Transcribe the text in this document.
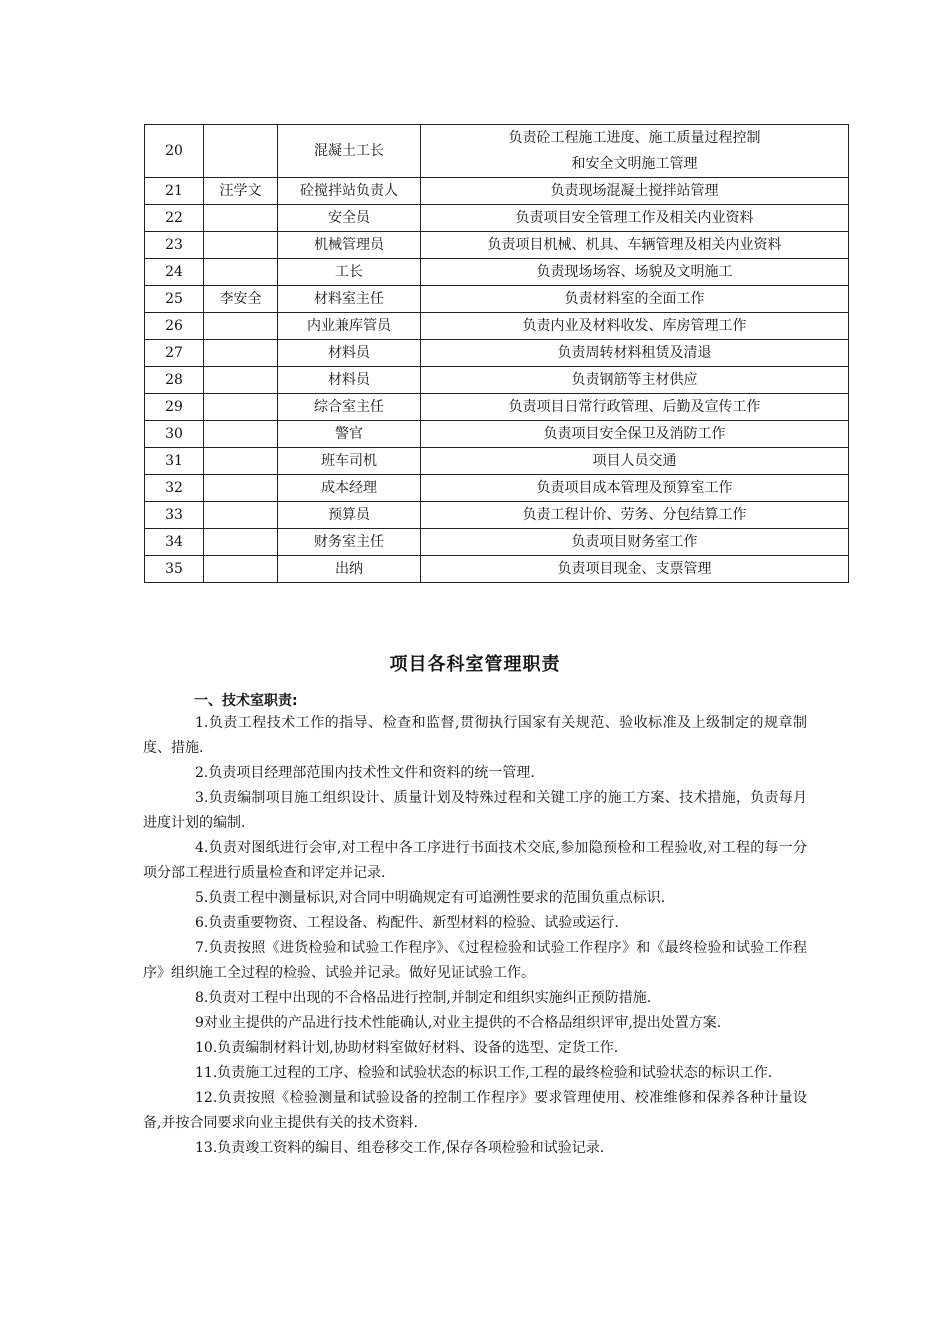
20		混凝土工长	负责砼工程施工进度、施工质量过程控制
和安全文明施工管理

21	汪学文	砼搅拌站负责人	负责现场混凝土搅拌站管理

22		安全员	负责项目安全管理工作及相关内业资料

23		机械管理员	负责项目机械、机具、车辆管理及相关内业资料

24		工长	负责现场场容、场貌及文明施工

25	李安全	材料室主任	负责材料室的全面工作

26		内业兼库管员	负责内业及材料收发、库房管理工作

27		材料员	负责周转材料租赁及清退

28		材料员	负责钢筋等主材供应

29		综合室主任	负责项目日常行政管理、后勤及宣传工作

30		警官	负责项目安全保卫及消防工作

31		班车司机	项目人员交通

32		成本经理	负责项目成本管理及预算室工作

33		预算员	负责工程计价、劳务、分包结算工作

34		财务室主任	负责项目财务室工作

35		出纳	负责项目现金、支票管理
项目各科室管理职责
一、技术室职责:

1.负责工程技术工作的指导、检查和监督,贯彻执行国家有关规范、验收标准及上级制定的规章制度、措施.

2.负责项目经理部范围内技术性文件和资料的统一管理.

3.负责编制项目施工组织设计、质量计划及特殊过程和关键工序的施工方案、技术措施，负责每月进度计划的编制.

4.负责对图纸进行会审,对工程中各工序进行书面技术交底,参加隐预检和工程验收,对工程的每一分项分部工程进行质量检查和评定并记录.

5.负责工程中测量标识,对合同中明确规定有可追溯性要求的范围负重点标识.

6.负责重要物资、工程设备、构配件、新型材料的检验、试验或运行.

7.负责按照《进货检验和试验工作程序》、《过程检验和试验工作程序》和《最终检验和试验工作程序》组织施工全过程的检验、试验并记录。做好见证试验工作。

8.负责对工程中出现的不合格品进行控制,并制定和组织实施纠正预防措施.

9对业主提供的产品进行技术性能确认,对业主提供的不合格品组织评审,提出处置方案.

10.负责编制材料计划,协助材料室做好材料、设备的选型、定货工作.

11.负责施工过程的工序、检验和试验状态的标识工作,工程的最终检验和试验状态的标识工作.

12.负责按照《检验测量和试验设备的控制工作程序》要求管理使用、校准维修和保养各种计量设备,并按合同要求向业主提供有关的技术资料.

13.负责竣工资料的编目、组卷移交工作,保存各项检验和试验记录.
